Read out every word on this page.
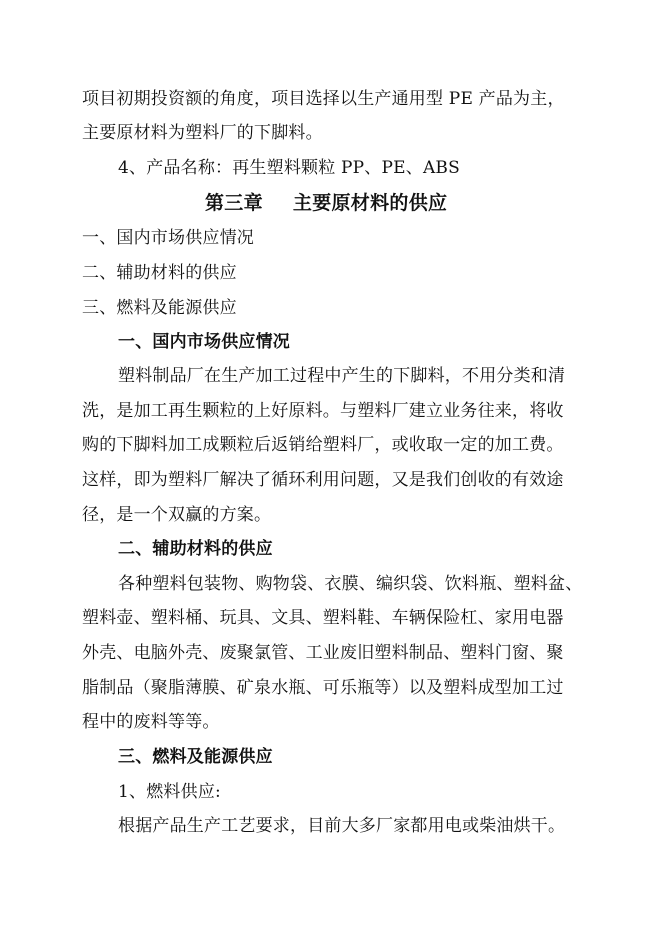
项目初期投资额的角度，项目选择以生产通用型 PE 产品为主，
主要原材料为塑料厂的下脚料。
4、产品名称：再生塑料颗粒 PP、PE、ABS
第三章 主要原材料的供应
一、国内市场供应情况
二、辅助材料的供应
三、燃料及能源供应
一、国内市场供应情况
塑料制品厂在生产加工过程中产生的下脚料，不用分类和清
洗，是加工再生颗粒的上好原料。与塑料厂建立业务往来，将收
购的下脚料加工成颗粒后返销给塑料厂，或收取一定的加工费。
这样，即为塑料厂解决了循环利用问题，又是我们创收的有效途
径，是一个双赢的方案。
二、辅助材料的供应
各种塑料包装物、购物袋、衣膜、编织袋、饮料瓶、塑料盆、
塑料壶、塑料桶、玩具、文具、塑料鞋、车辆保险杠、家用电器
外壳、电脑外壳、废聚氯管、工业废旧塑料制品、塑料门窗、聚
脂制品（聚脂薄膜、矿泉水瓶、可乐瓶等）以及塑料成型加工过
程中的废料等等。
三、燃料及能源供应
1、燃料供应:
根据产品生产工艺要求，目前大多厂家都用电或柴油烘干。
